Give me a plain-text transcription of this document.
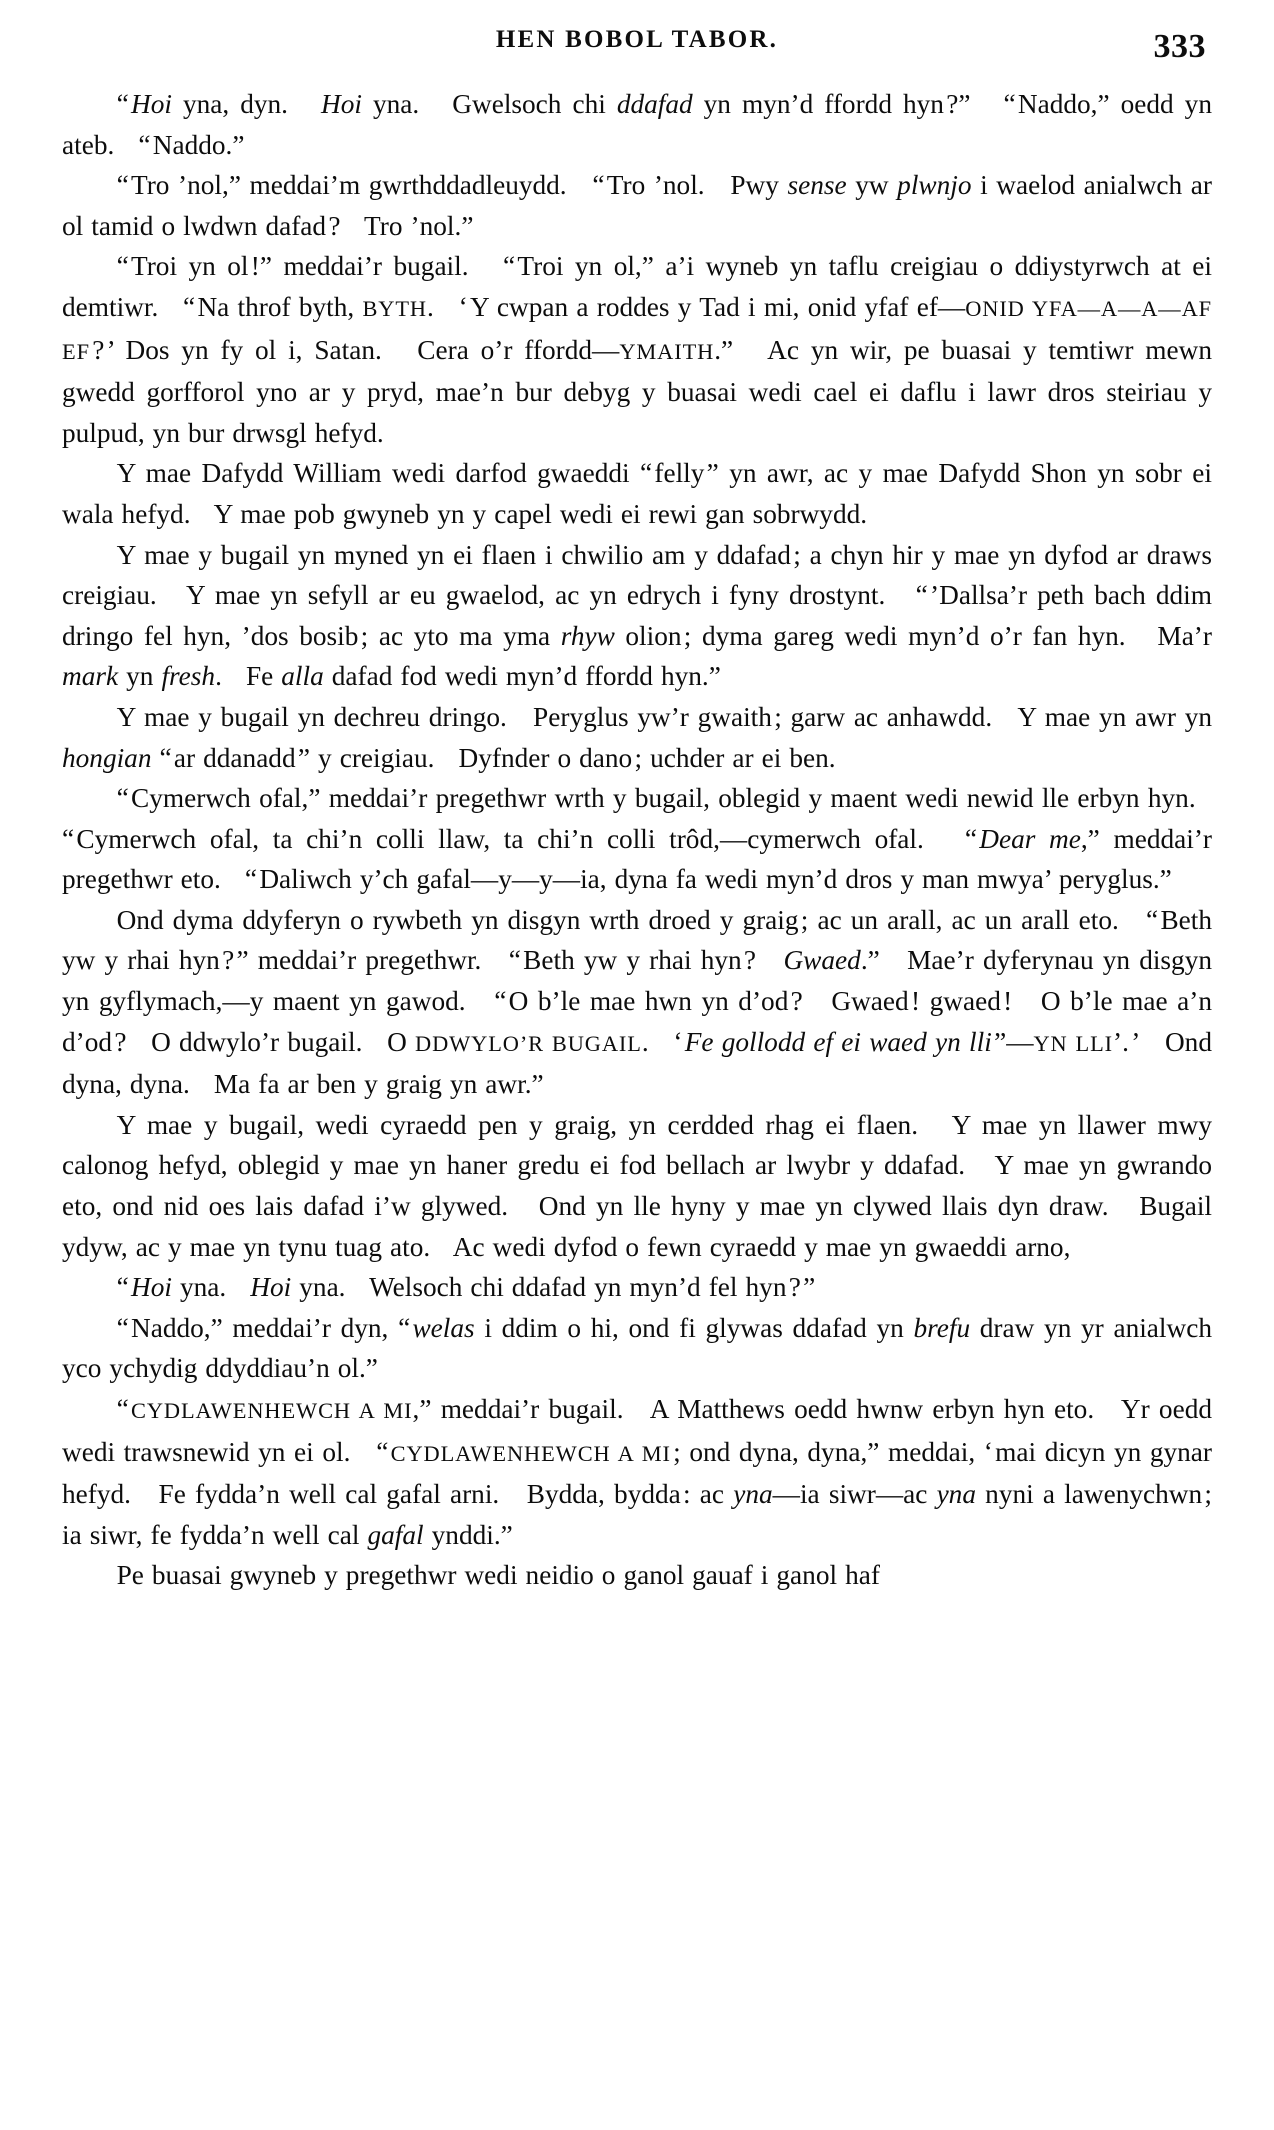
HEN BOBOL TABOR.	333

“ Hoi yna, dyn.   Hoi yna.   Gwelsoch chi ddafad yn myn’d ffordd hyn ?”   “ Naddo,” oedd yn ateb.   “ Naddo.”

“ Tro ’nol,” meddai’m gwrthddadleuydd.   “ Tro ’nol.   Pwy sense yw plwnjo i waelod anialwch ar ol tamid o lwdwn dafad ?   Tro ’nol.”

“ Troi yn ol !” meddai’r bugail.   “ Troi yn ol,” a’i wyneb yn taflu creigiau o ddiystyrwch at ei demtiwr.   “ Na throf byth, BYTH.   ‘ Y cwpan a roddes y Tad i mi, onid yfaf ef—ONID YFA—A—A—AF EF ? ’ Dos yn fy ol i, Satan.   Cera o’r ffordd—YMAITH.”   Ac yn wir, pe buasai y temtiwr mewn gwedd gorfforol yno ar y pryd, mae’n bur debyg y buasai wedi cael ei daflu i lawr dros steiriau y pulpud, yn bur drwsgl hefyd.

Y mae Dafydd William wedi darfod gwaeddi “ felly ” yn awr, ac y mae Dafydd Shon yn sobr ei wala hefyd.   Y mae pob gwyneb yn y capel wedi ei rewi gan sobrwydd.

Y mae y bugail yn myned yn ei flaen i chwilio am y ddafad ; a chyn hir y mae yn dyfod ar draws creigiau.   Y mae yn sefyll ar eu gwaelod, ac yn edrych i fyny drostynt.   “ ’Dallsa’r peth bach ddim dringo fel hyn, ’dos bosib ; ac yto ma yma rhyw olion ; dyma gareg wedi myn’d o’r fan hyn.   Ma’r mark yn fresh.   Fe alla dafad fod wedi myn’d ffordd hyn.”

Y mae y bugail yn dechreu dringo.   Peryglus yw’r gwaith ; garw ac anhawdd.   Y mae yn awr yn hongian “ ar ddanadd ” y creigiau.   Dyfnder o dano ; uchder ar ei ben.

“ Cymerwch ofal,” meddai’r pregethwr wrth y bugail, oblegid y maent wedi newid lle erbyn hyn.   “ Cymerwch ofal, ta chi’n colli llaw, ta chi’n colli trôd,—cymerwch ofal.   “ Dear me,” meddai’r pregethwr eto.   “ Daliwch y’ch gafal—y—y—ia, dyna fa wedi myn’d dros y man mwya’ peryglus.”

Ond dyma ddyferyn o rywbeth yn disgyn wrth droed y graig ; ac un arall, ac un arall eto.   “ Beth yw y rhai hyn ? ” meddai’r pregethwr.   “ Beth yw y rhai hyn ?   Gwaed.”   Mae’r dyferynau yn disgyn yn gyflymach,—y maent yn gawod.   “ O b’le mae hwn yn d’od ?   Gwaed ! gwaed !   O b’le mae a’n d’od ?   O ddwylo’r bugail.   O DDWYLO’R BUGAIL.   ‘ Fe gollodd ef ei waed yn lli ”—YN LLI’. ’   Ond dyna, dyna.   Ma fa ar ben y graig yn awr.”

Y mae y bugail, wedi cyraedd pen y graig, yn cerdded rhag ei flaen.   Y mae yn llawer mwy calonog hefyd, oblegid y mae yn haner gredu ei fod bellach ar lwybr y ddafad.   Y mae yn gwrando eto, ond nid oes lais dafad i’w glywed.   Ond yn lle hyny y mae yn clywed llais dyn draw.   Bugail ydyw, ac y mae yn tynu tuag ato.   Ac wedi dyfod o fewn cyraedd y mae yn gwaeddi arno,

“ Hoi yna.   Hoi yna.   Welsoch chi ddafad yn myn’d fel hyn ? ”

“ Naddo,” meddai’r dyn, “ welas i ddim o hi, ond fi glywas ddafad yn brefu draw yn yr anialwch yco ychydig ddyddiau’n ol.”

“ CYDLAWENHEWCH A MI,” meddai’r bugail.   A Matthews oedd hwnw erbyn hyn eto.   Yr oedd wedi trawsnewid yn ei ol.   “ CYDLAWENHEWCH A MI ; ond dyna, dyna,” meddai, ‘ mai dicyn yn gynar hefyd.   Fe fydda’n well cal gafal arni.   Bydda, bydda : ac yna—ia siwr—ac yna nyni a lawenychwn ; ia siwr, fe fydda’n well cal gafal ynddi.”

Pe buasai gwyneb y pregethwr wedi neidio o ganol gauaf i ganol haf
